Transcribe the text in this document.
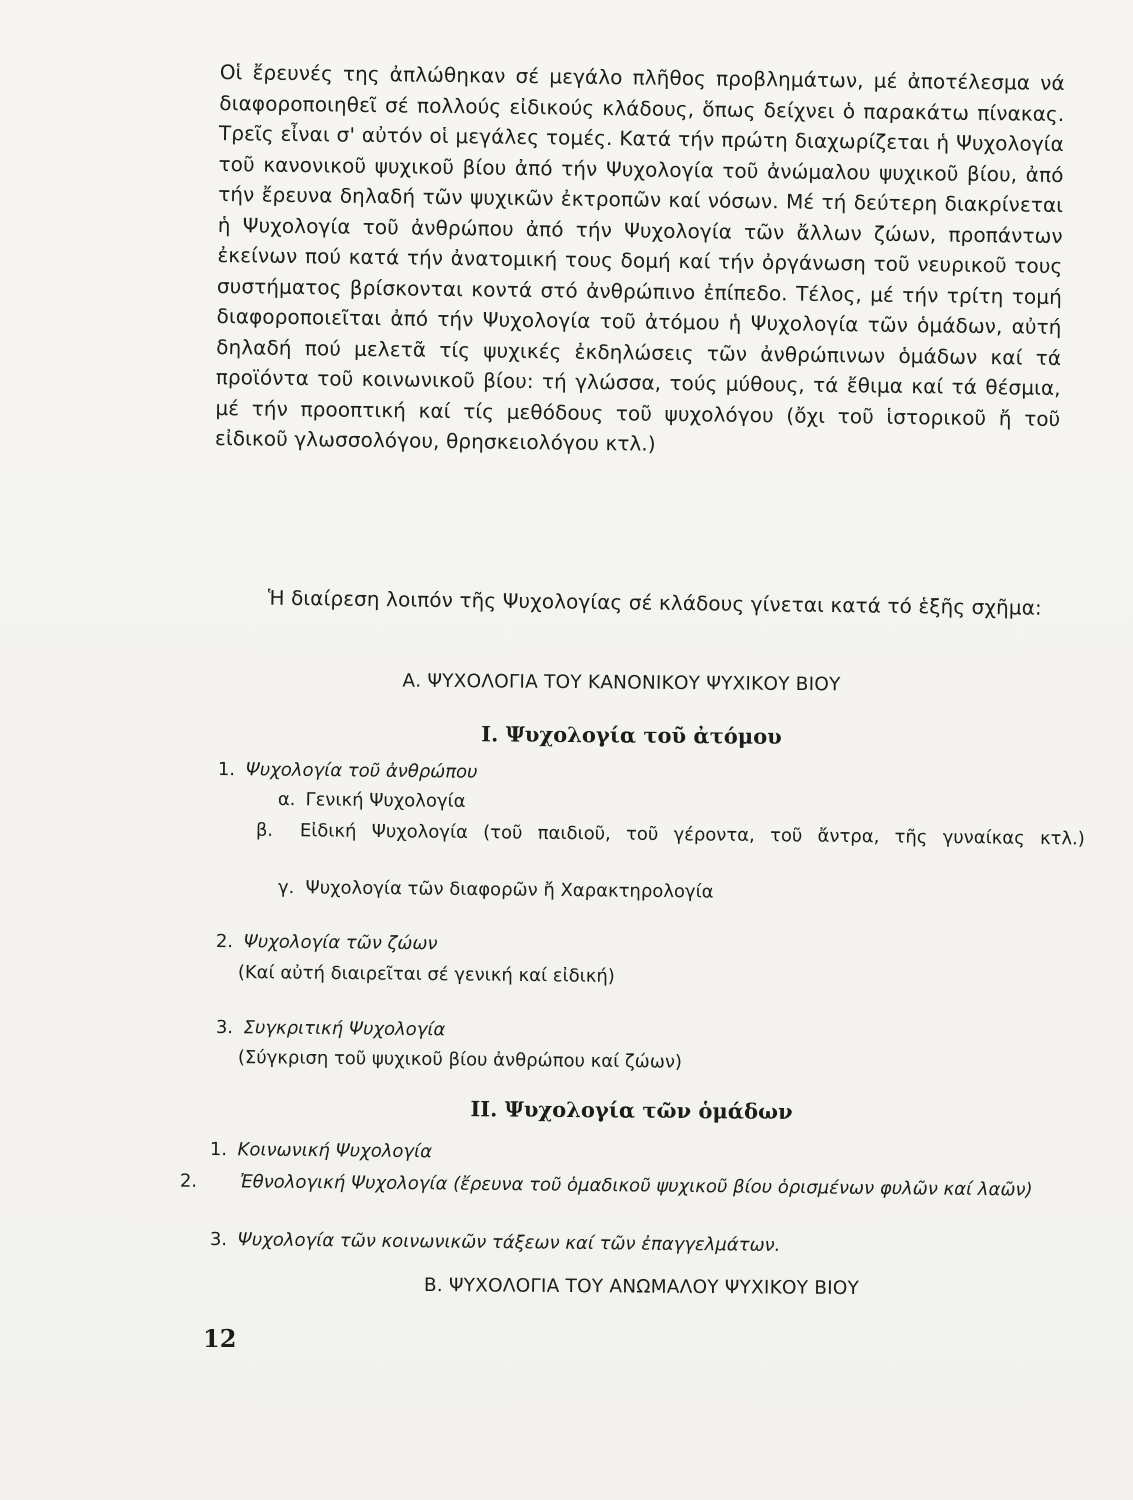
Οἱ ἔρευνές της ἀπλώθηκαν σέ μεγάλο πλῆθος προβλημάτων, μέ ἀποτέλεσμα νά διαφοροποιηθεῖ σέ πολλούς εἰδικούς κλάδους, ὅπως δείχνει ὁ παρακάτω πίνακας. Τρεῖς εἶναι σ' αὐτόν οἱ μεγάλες τομές. Κατά τήν πρώτη διαχωρίζεται ἡ Ψυχολογία τοῦ κανονικοῦ ψυχικοῦ βίου ἀπό τήν Ψυχολογία τοῦ ἀνώμαλου ψυχικοῦ βίου, ἀπό τήν ἔρευνα δηλαδή τῶν ψυχικῶν ἐκτροπῶν καί νόσων. Μέ τή δεύτερη διακρίνεται ἡ Ψυχολογία τοῦ ἀνθρώπου ἀπό τήν Ψυχολογία τῶν ἄλλων ζώων, προπάντων ἐκείνων πού κατά τήν ἀνατομική τους δομή καί τήν ὀργάνωση τοῦ νευρικοῦ τους συστήματος βρίσκονται κοντά στό ἀνθρώπινο ἐπίπεδο. Τέλος, μέ τήν τρίτη τομή διαφοροποιεῖται ἀπό τήν Ψυχολογία τοῦ ἀτόμου ἡ Ψυχολογία τῶν ὁμάδων, αὐτή δηλαδή πού μελετᾶ τίς ψυχικές ἐκδηλώσεις τῶν ἀνθρώπινων ὁμάδων καί τά προϊόντα τοῦ κοινωνικοῦ βίου: τή γλώσσα, τούς μύθους, τά ἔθιμα καί τά θέσμια, μέ τήν προοπτική καί τίς μεθόδους τοῦ ψυχολόγου (ὄχι τοῦ ἱστορικοῦ ἤ τοῦ εἰδικοῦ γλωσσολόγου, θρησκειολόγου κτλ.)

Ἡ διαίρεση λοιπόν τῆς Ψυχολογίας σέ κλάδους γίνεται κατά τό ἑξῆς σχῆμα:

Α. ΨΥΧΟΛΟΓΙΑ ΤΟΥ ΚΑΝΟΝΙΚΟΥ ΨΥΧΙΚΟΥ ΒΙΟΥ
Ι. Ψυχολογία τοῦ ἀτόμου
1. Ψυχολογία τοῦ ἀνθρώπου
α. Γενική Ψυχολογία
β. Εἰδική Ψυχολογία (τοῦ παιδιοῦ, τοῦ γέροντα, τοῦ ἄντρα, τῆς γυναίκας κτλ.)
γ. Ψυχολογία τῶν διαφορῶν ἤ Χαρακτηρολογία
2. Ψυχολογία τῶν ζώων
(Καί αὐτή διαιρεῖται σέ γενική καί εἰδική)
3. Συγκριτική Ψυχολογία
(Σύγκριση τοῦ ψυχικοῦ βίου ἀνθρώπου καί ζώων)
ΙΙ. Ψυχολογία τῶν ὁμάδων
1. Κοινωνική Ψυχολογία
2. Ἐθνολογική Ψυχολογία (ἔρευνα τοῦ ὁμαδικοῦ ψυχικοῦ βίου ὁρισμένων φυλῶν καί λαῶν)
3. Ψυχολογία τῶν κοινωνικῶν τάξεων καί τῶν ἐπαγγελμάτων.
Β. ΨΥΧΟΛΟΓΙΑ ΤΟΥ ΑΝΩΜΑΛΟΥ ΨΥΧΙΚΟΥ ΒΙΟΥ
12
